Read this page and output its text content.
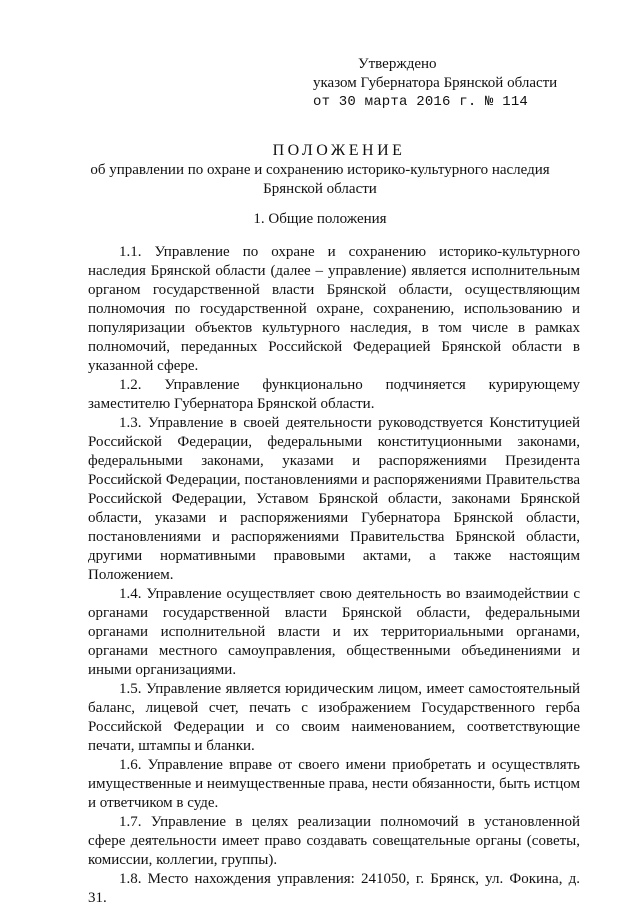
Утверждено
указом Губернатора Брянской области
от 30 марта 2016 г. № 114
ПОЛОЖЕНИЕ
об управлении по охране и сохранению историко-культурного наследия
Брянской области
1. Общие положения

1.1. Управление по охране и сохранению историко-культурного наследия Брянской области (далее – управление) является исполнительным органом государственной власти Брянской области, осуществляющим полномочия по государственной охране, сохранению, использованию и популяризации объектов культурного наследия, в том числе в рамках полномочий, переданных Российской Федерацией Брянской области в указанной сфере.

1.2. Управление функционально подчиняется курирующему заместителю Губернатора Брянской области.

1.3. Управление в своей деятельности руководствуется Конституцией Российской Федерации, федеральными конституционными законами, федеральными законами, указами и распоряжениями Президента Российской Федерации, постановлениями и распоряжениями Правительства Российской Федерации, Уставом Брянской области, законами Брянской области, указами и распоряжениями Губернатора Брянской области, постановлениями и распоряжениями Правительства Брянской области, другими нормативными правовыми актами, а также настоящим Положением.

1.4. Управление осуществляет свою деятельность во взаимодействии с органами государственной власти Брянской области, федеральными органами исполнительной власти и их территориальными органами, органами местного самоуправления, общественными объединениями и иными организациями.

1.5. Управление является юридическим лицом, имеет самостоятельный баланс, лицевой счет, печать с изображением Государственного герба Российской Федерации и со своим наименованием, соответствующие печати, штампы и бланки.

1.6. Управление вправе от своего имени приобретать и осуществлять имущественные и неимущественные права, нести обязанности, быть истцом и ответчиком в суде.

1.7. Управление в целях реализации полномочий в установленной сфере деятельности имеет право создавать совещательные органы (советы, комиссии, коллегии, группы).

1.8. Место нахождения управления: 241050, г. Брянск, ул. Фокина, д. 31.
